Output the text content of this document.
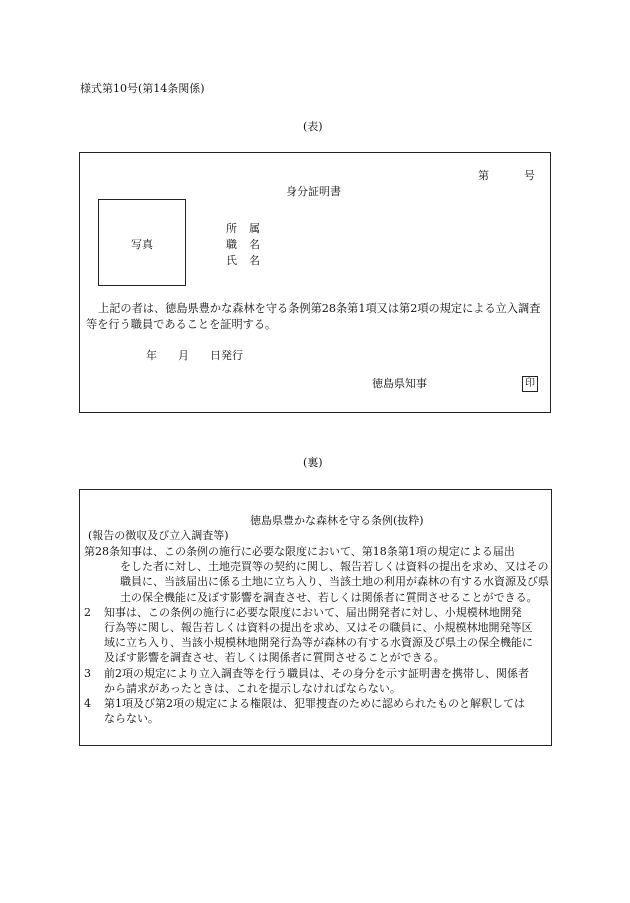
様式第10号(第14条関係)
(表)
第	号
身分証明書
写真
所　属
職　名
氏　名
上記の者は、徳島県豊かな森林を守る条例第28条第1項又は第2項の規定による立入調査等を行う職員であることを証明する。
年 月 日発行
徳島県知事	印
(裏)
徳島県豊かな森林を守る条例(抜粋)
(報告の徴収及び立入調査等)
第28条 知事は、この条例の施行に必要な限度において、第18条第1項の規定による届出

をした者に対し、土地売買等の契約に関し、報告若しくは資料の提出を求め、又はその

職員に、当該届出に係る土地に立ち入り、当該土地の利用が森林の有する水資源及び県

土の保全機能に及ぼす影響を調査させ、若しくは関係者に質問させることができる。

2	知事は、この条例の施行に必要な限度において、届出開発者に対し、小規模林地開発

行為等に関し、報告若しくは資料の提出を求め、又はその職員に、小規模林地開発等区

域に立ち入り、当該小規模林地開発行為等が森林の有する水資源及び県土の保全機能に

及ぼす影響を調査させ、若しくは関係者に質問させることができる。

3	前2項の規定により立入調査等を行う職員は、その身分を示す証明書を携帯し、関係者

から請求があったときは、これを提示しなければならない。

4	第1項及び第2項の規定による権限は、犯罪捜査のために認められたものと解釈しては

ならない。
